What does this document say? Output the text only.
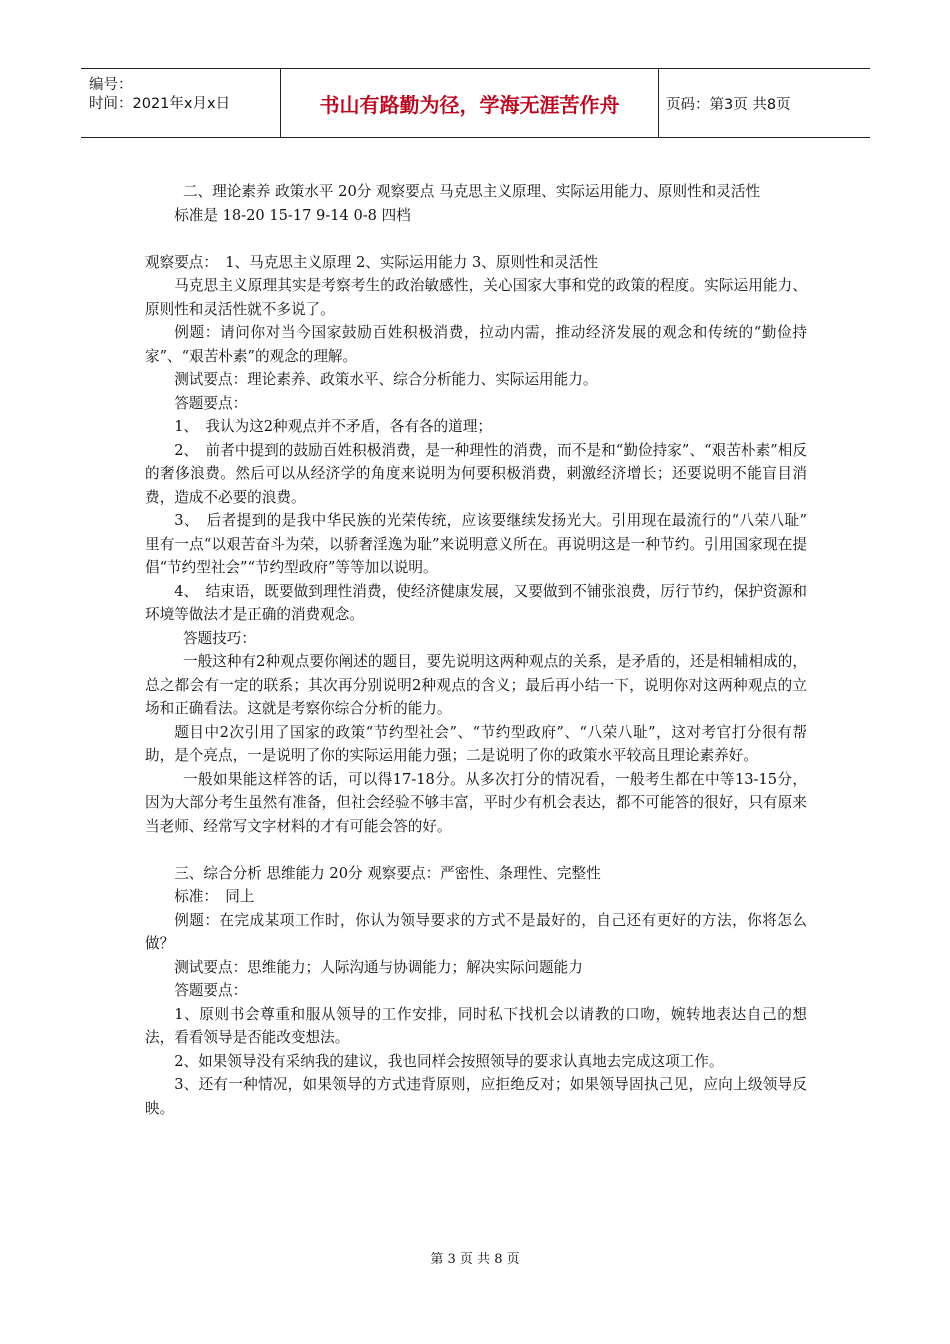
编号：
时间：2021年x月x日	书山有路勤为径，学海无涯苦作舟	页码：第3页 共8页

二、理论素养 政策水平 20分 观察要点 马克思主义原理、实际运用能力、原则性和灵活性

标准是 18-20 15-17 9-14 0-8 四档

观察要点：　1、马克思主义原理 2、实际运用能力 3、原则性和灵活性

马克思主义原理其实是考察考生的政治敏感性，关心国家大事和党的政策的程度。实际运用能力、原则性和灵活性就不多说了。

例题：请问你对当今国家鼓励百姓积极消费，拉动内需，推动经济发展的观念和传统的“勤俭持家”、“艰苦朴素”的观念的理解。

测试要点：理论素养、政策水平、综合分析能力、实际运用能力。

答题要点：

1、　我认为这2种观点并不矛盾，各有各的道理；

2、　前者中提到的鼓励百姓积极消费，是一种理性的消费，而不是和“勤俭持家”、“艰苦朴素”相反的奢侈浪费。然后可以从经济学的角度来说明为何要积极消费，刺激经济增长；还要说明不能盲目消费，造成不必要的浪费。

3、　后者提到的是我中华民族的光荣传统，应该要继续发扬光大。引用现在最流行的“八荣八耻” 里有一点“以艰苦奋斗为荣，以骄奢淫逸为耻”来说明意义所在。再说明这是一种节约。引用国家现在提倡“节约型社会”“节约型政府”等等加以说明。

4、　结束语，既要做到理性消费，使经济健康发展，又要做到不铺张浪费，厉行节约，保护资源和环境等做法才是正确的消费观念。

答题技巧：

一般这种有2种观点要你阐述的题目，要先说明这两种观点的关系，是矛盾的，还是相辅相成的，总之都会有一定的联系；其次再分别说明2种观点的含义；最后再小结一下，说明你对这两种观点的立场和正确看法。这就是考察你综合分析的能力。

题目中2次引用了国家的政策“节约型社会”、“节约型政府”、“八荣八耻”，这对考官打分很有帮助，是个亮点，一是说明了你的实际运用能力强；二是说明了你的政策水平较高且理论素养好。

一般如果能这样答的话，可以得17-18分。从多次打分的情况看，一般考生都在中等13-15分，因为大部分考生虽然有准备，但社会经验不够丰富，平时少有机会表达，都不可能答的很好，只有原来当老师、经常写文字材料的才有可能会答的好。

三、综合分析 思维能力 20分 观察要点：严密性、条理性、完整性

标准：　同上

例题：在完成某项工作时，你认为领导要求的方式不是最好的，自己还有更好的方法，你将怎么做？

测试要点：思维能力；人际沟通与协调能力；解决实际问题能力

答题要点：

1、原则书会尊重和服从领导的工作安排，同时私下找机会以请教的口吻，婉转地表达自己的想法，看看领导是否能改变想法。

2、如果领导没有采纳我的建议，我也同样会按照领导的要求认真地去完成这项工作。

3、还有一种情况，如果领导的方式违背原则，应拒绝反对；如果领导固执己见，应向上级领导反映。

第 3 页 共 8 页
